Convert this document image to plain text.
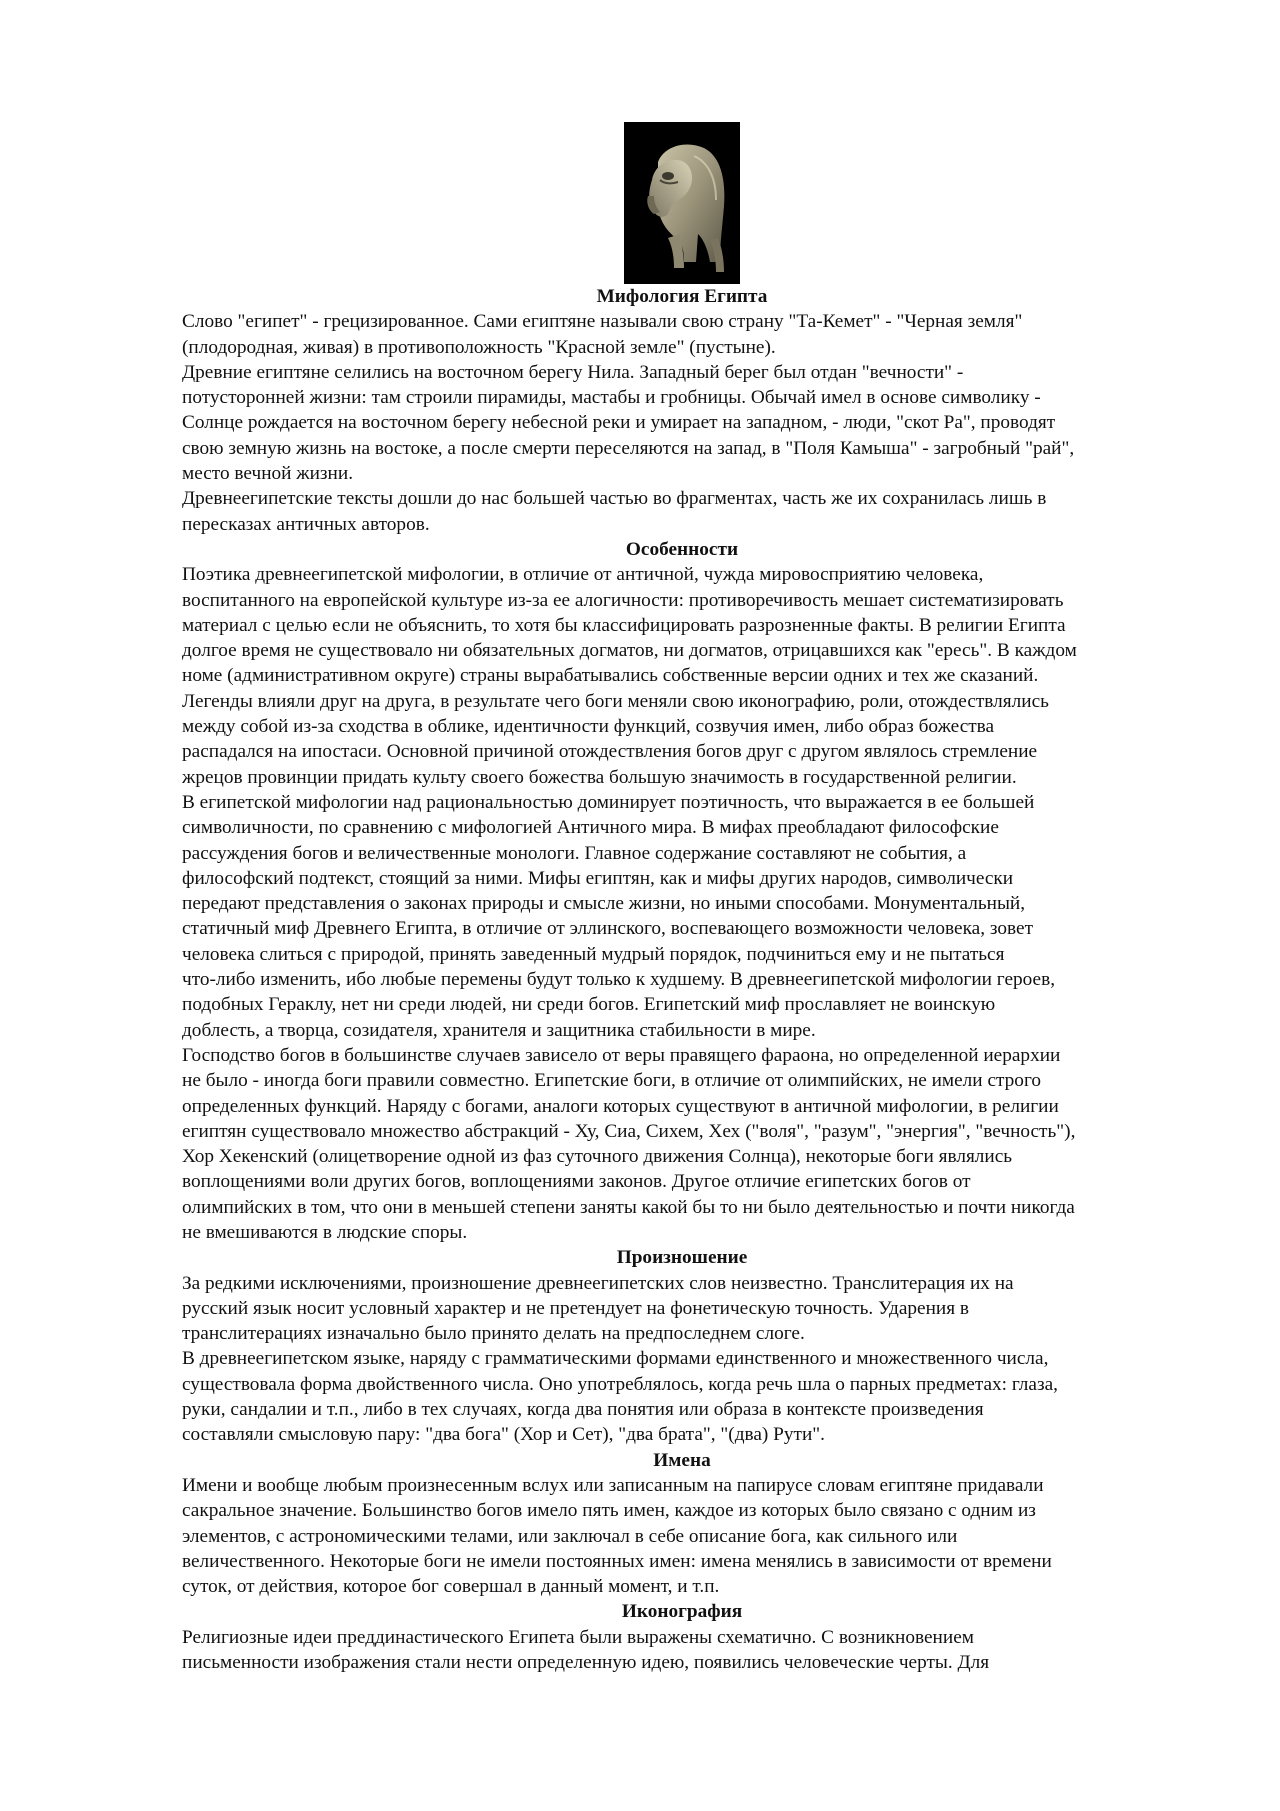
Мифология Египта

Слово "египет" - грецизированное. Сами египтяне называли свою страну "Та-Кемет" - "Черная земля"
(плодородная, живая) в противоположность "Красной земле" (пустыне).

Древние египтяне селились на восточном берегу Нила. Западный берег был отдан "вечности" -
потусторонней жизни: там строили пирамиды, мастабы и гробницы. Обычай имел в основе символику -
Солнце рождается на восточном берегу небесной реки и умирает на западном, - люди, "скот Ра", проводят
свою земную жизнь на востоке, а после смерти переселяются на запад, в "Поля Камыша" - загробный "рай",
место вечной жизни.

Древнеегипетские тексты дошли до нас большей частью во фрагментах, часть же их сохранилась лишь в
пересказах античных авторов.

Особенности

Поэтика древнеегипетской мифологии, в отличие от античной, чужда мировосприятию человека,
воспитанного на европейской культуре из-за ее алогичности: противоречивость мешает систематизировать
материал с целью если не объяснить, то хотя бы классифицировать разрозненные факты. В религии Египта
долгое время не существовало ни обязательных догматов, ни догматов, отрицавшихся как "ересь". В каждом
номе (административном округе) страны вырабатывались собственные версии одних и тех же сказаний.
Легенды влияли друг на друга, в результате чего боги меняли свою иконографию, роли, отождествлялись
между собой из-за сходства в облике, идентичности функций, созвучия имен, либо образ божества
распадался на ипостаси. Основной причиной отождествления богов друг с другом являлось стремление
жрецов провинции придать культу своего божества большую значимость в государственной религии.

В египетской мифологии над рациональностью доминирует поэтичность, что выражается в ее большей
символичности, по сравнению с мифологией Античного мира. В мифах преобладают философские
рассуждения богов и величественные монологи. Главное содержание составляют не события, а
философский подтекст, стоящий за ними. Мифы египтян, как и мифы других народов, символически
передают представления о законах природы и смысле жизни, но иными способами. Монументальный,
статичный миф Древнего Египта, в отличие от эллинского, воспевающего возможности человека, зовет
человека слиться с природой, принять заведенный мудрый порядок, подчиниться ему и не пытаться
что-либо изменить, ибо любые перемены будут только к худшему. В древнеегипетской мифологии героев,
подобных Гераклу, нет ни среди людей, ни среди богов. Египетский миф прославляет не воинскую
доблесть, а творца, созидателя, хранителя и защитника стабильности в мире.

Господство богов в большинстве случаев зависело от веры правящего фараона, но определенной иерархии
не было - иногда боги правили совместно. Египетские боги, в отличие от олимпийских, не имели строго
определенных функций. Наряду с богами, аналоги которых существуют в античной мифологии, в религии
египтян существовало множество абстракций - Ху, Сиа, Сихем, Хех ("воля", "разум", "энергия", "вечность"),
Хор Хекенский (олицетворение одной из фаз суточного движения Солнца), некоторые боги являлись
воплощениями воли других богов, воплощениями законов. Другое отличие египетских богов от
олимпийских в том, что они в меньшей степени заняты какой бы то ни было деятельностью и почти никогда
не вмешиваются в людские споры.

Произношение

За редкими исключениями, произношение древнеегипетских слов неизвестно. Транслитерация их на
русский язык носит условный характер и не претендует на фонетическую точность. Ударения в
транслитерациях изначально было принято делать на предпоследнем слоге.

В древнеегипетском языке, наряду с грамматическими формами единственного и множественного числа,
существовала форма двойственного числа. Оно употреблялось, когда речь шла о парных предметах: глаза,
руки, сандалии и т.п., либо в тех случаях, когда два понятия или образа в контексте произведения
составляли смысловую пару: "два бога" (Хор и Сет), "два брата", "(два) Рути".

Имена

Имени и вообще любым произнесенным вслух или записанным на папирусе словам египтяне придавали
сакральное значение. Большинство богов имело пять имен, каждое из которых было связано с одним из
элементов, с астрономическими телами, или заключал в себе описание бога, как сильного или
величественного. Некоторые боги не имели постоянных имен: имена менялись в зависимости от времени
суток, от действия, которое бог совершал в данный момент, и т.п.

Иконография

Религиозные идеи преддинастического Египета были выражены схематично. С возникновением
письменности изображения стали нести определенную идею, появились человеческие черты. Для
